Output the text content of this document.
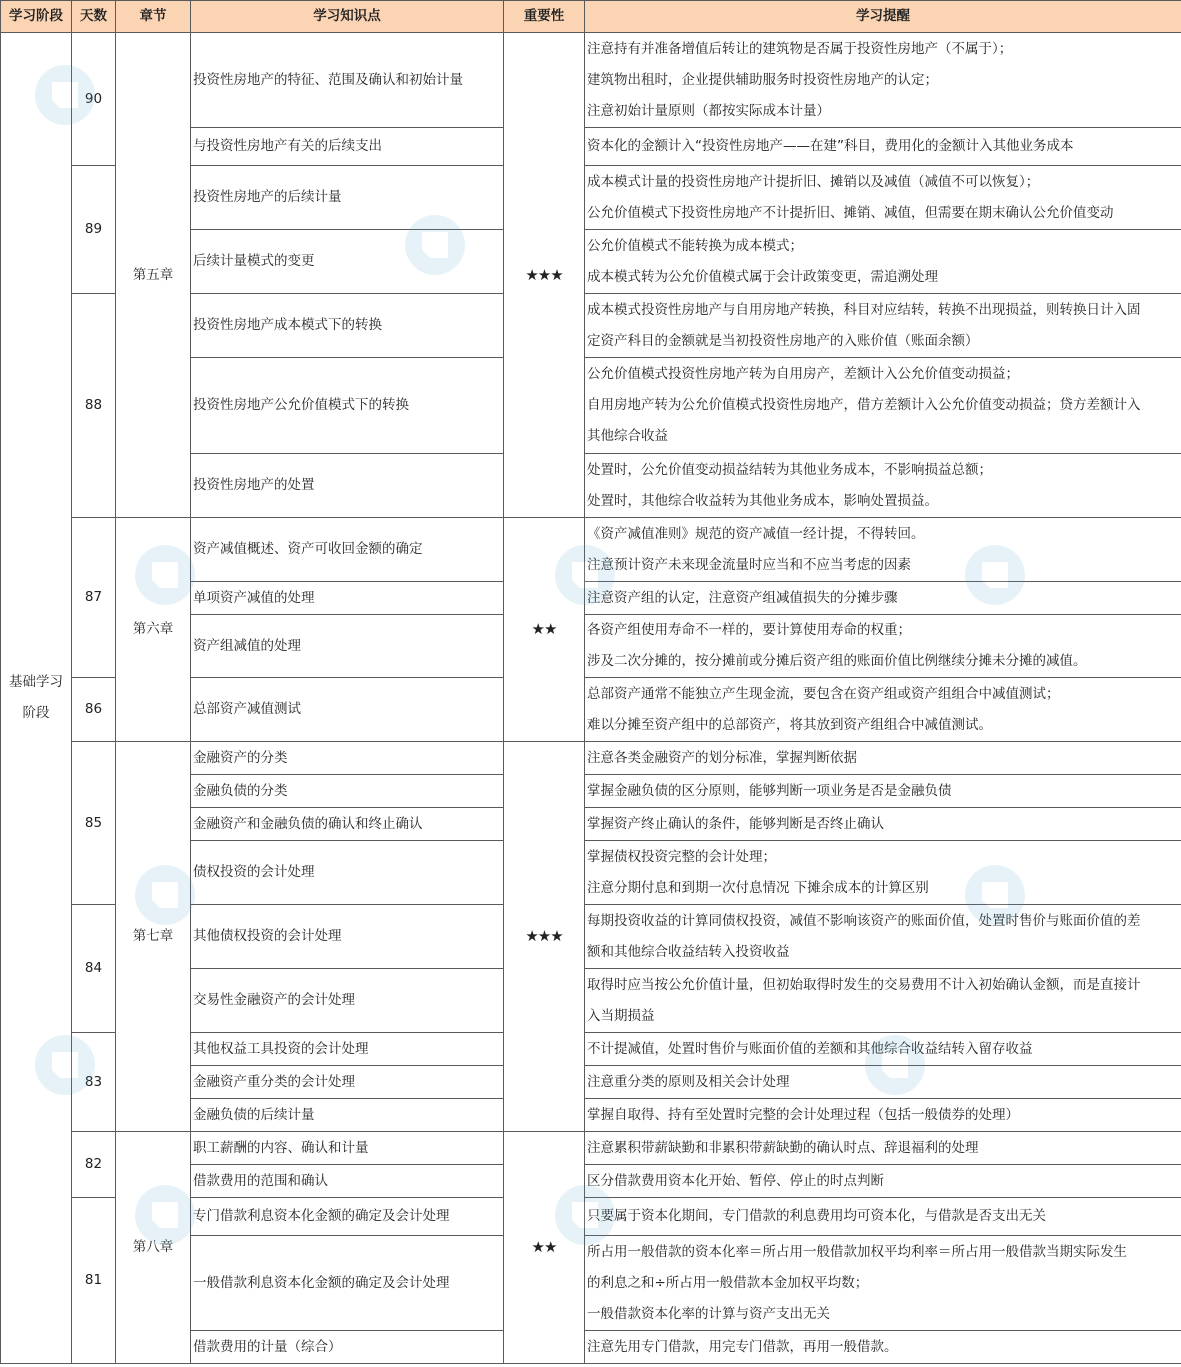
学习阶段	天数	章节	学习知识点	重要性	学习提醒
基础学习阶段	90	第五章	投资性房地产的特征、范围及确认和初始计量	★★★	注意持有并准备增值后转让的建筑物是否属于投资性房地产（不属于）；
建筑物出租时，企业提供辅助服务时投资性房地产的认定；
注意初始计量原则（都按实际成本计量）

			与投资性房地产有关的后续支出		资本化的金额计入“投资性房地产——在建”科目，费用化的金额计入其他业务成本

	89		投资性房地产的后续计量		成本模式计量的投资性房地产计提折旧、摊销以及减值（减值不可以恢复）；
公允价值模式下投资性房地产不计提折旧、摊销、减值，但需要在期末确认公允价值变动

			后续计量模式的变更		公允价值模式不能转换为成本模式；
成本模式转为公允价值模式属于会计政策变更，需追溯处理

	88		投资性房地产成本模式下的转换		成本模式投资性房地产与自用房地产转换，科目对应结转，转换不出现损益，则转换日计入固
定资产科目的金额就是当初投资性房地产的入账价值（账面余额）

			投资性房地产公允价值模式下的转换		公允价值模式投资性房地产转为自用房产，差额计入公允价值变动损益；
自用房地产转为公允价值模式投资性房地产，借方差额计入公允价值变动损益；贷方差额计入
其他综合收益

			投资性房地产的处置		处置时，公允价值变动损益结转为其他业务成本，不影响损益总额；
处置时，其他综合收益转为其他业务成本，影响处置损益。

	87	第六章	资产减值概述、资产可收回金额的确定	★★	《资产减值准则》规范的资产减值一经计提，不得转回。
注意预计资产未来现金流量时应当和不应当考虑的因素

			单项资产减值的处理		注意资产组的认定，注意资产组减值损失的分摊步骤

			资产组减值的处理		各资产组使用寿命不一样的，要计算使用寿命的权重；
涉及二次分摊的，按分摊前或分摊后资产组的账面价值比例继续分摊未分摊的减值。

	86		总部资产减值测试		总部资产通常不能独立产生现金流，要包含在资产组或资产组组合中减值测试；
难以分摊至资产组中的总部资产，将其放到资产组组合中减值测试。

	85	第七章	金融资产的分类	★★★	注意各类金融资产的划分标准，掌握判断依据

			金融负债的分类		掌握金融负债的区分原则，能够判断一项业务是否是金融负债

			金融资产和金融负债的确认和终止确认		掌握资产终止确认的条件，能够判断是否终止确认

			债权投资的会计处理		掌握债权投资完整的会计处理；
注意分期付息和到期一次付息情况 下摊余成本的计算区别

	84		其他债权投资的会计处理		每期投资收益的计算同债权投资，减值不影响该资产的账面价值，处置时售价与账面价值的差
额和其他综合收益结转入投资收益

			交易性金融资产的会计处理		取得时应当按公允价值计量，但初始取得时发生的交易费用不计入初始确认金额，而是直接计
入当期损益

	83		其他权益工具投资的会计处理		不计提减值，处置时售价与账面价值的差额和其他综合收益结转入留存收益

			金融资产重分类的会计处理		注意重分类的原则及相关会计处理

			金融负债的后续计量		掌握自取得、持有至处置时完整的会计处理过程（包括一般债券的处理）

	82	第八章	职工薪酬的内容、确认和计量	★★	注意累积带薪缺勤和非累积带薪缺勤的确认时点、辞退福利的处理

			借款费用的范围和确认		区分借款费用资本化开始、暂停、停止的时点判断

	81		专门借款利息资本化金额的确定及会计处理		只要属于资本化期间，专门借款的利息费用均可资本化，与借款是否支出无关

			一般借款利息资本化金额的确定及会计处理		所占用一般借款的资本化率＝所占用一般借款加权平均利率＝所占用一般借款当期实际发生
的利息之和÷所占用一般借款本金加权平均数；
一般借款资本化率的计算与资产支出无关

			借款费用的计量（综合）		注意先用专门借款，用完专门借款，再用一般借款。
